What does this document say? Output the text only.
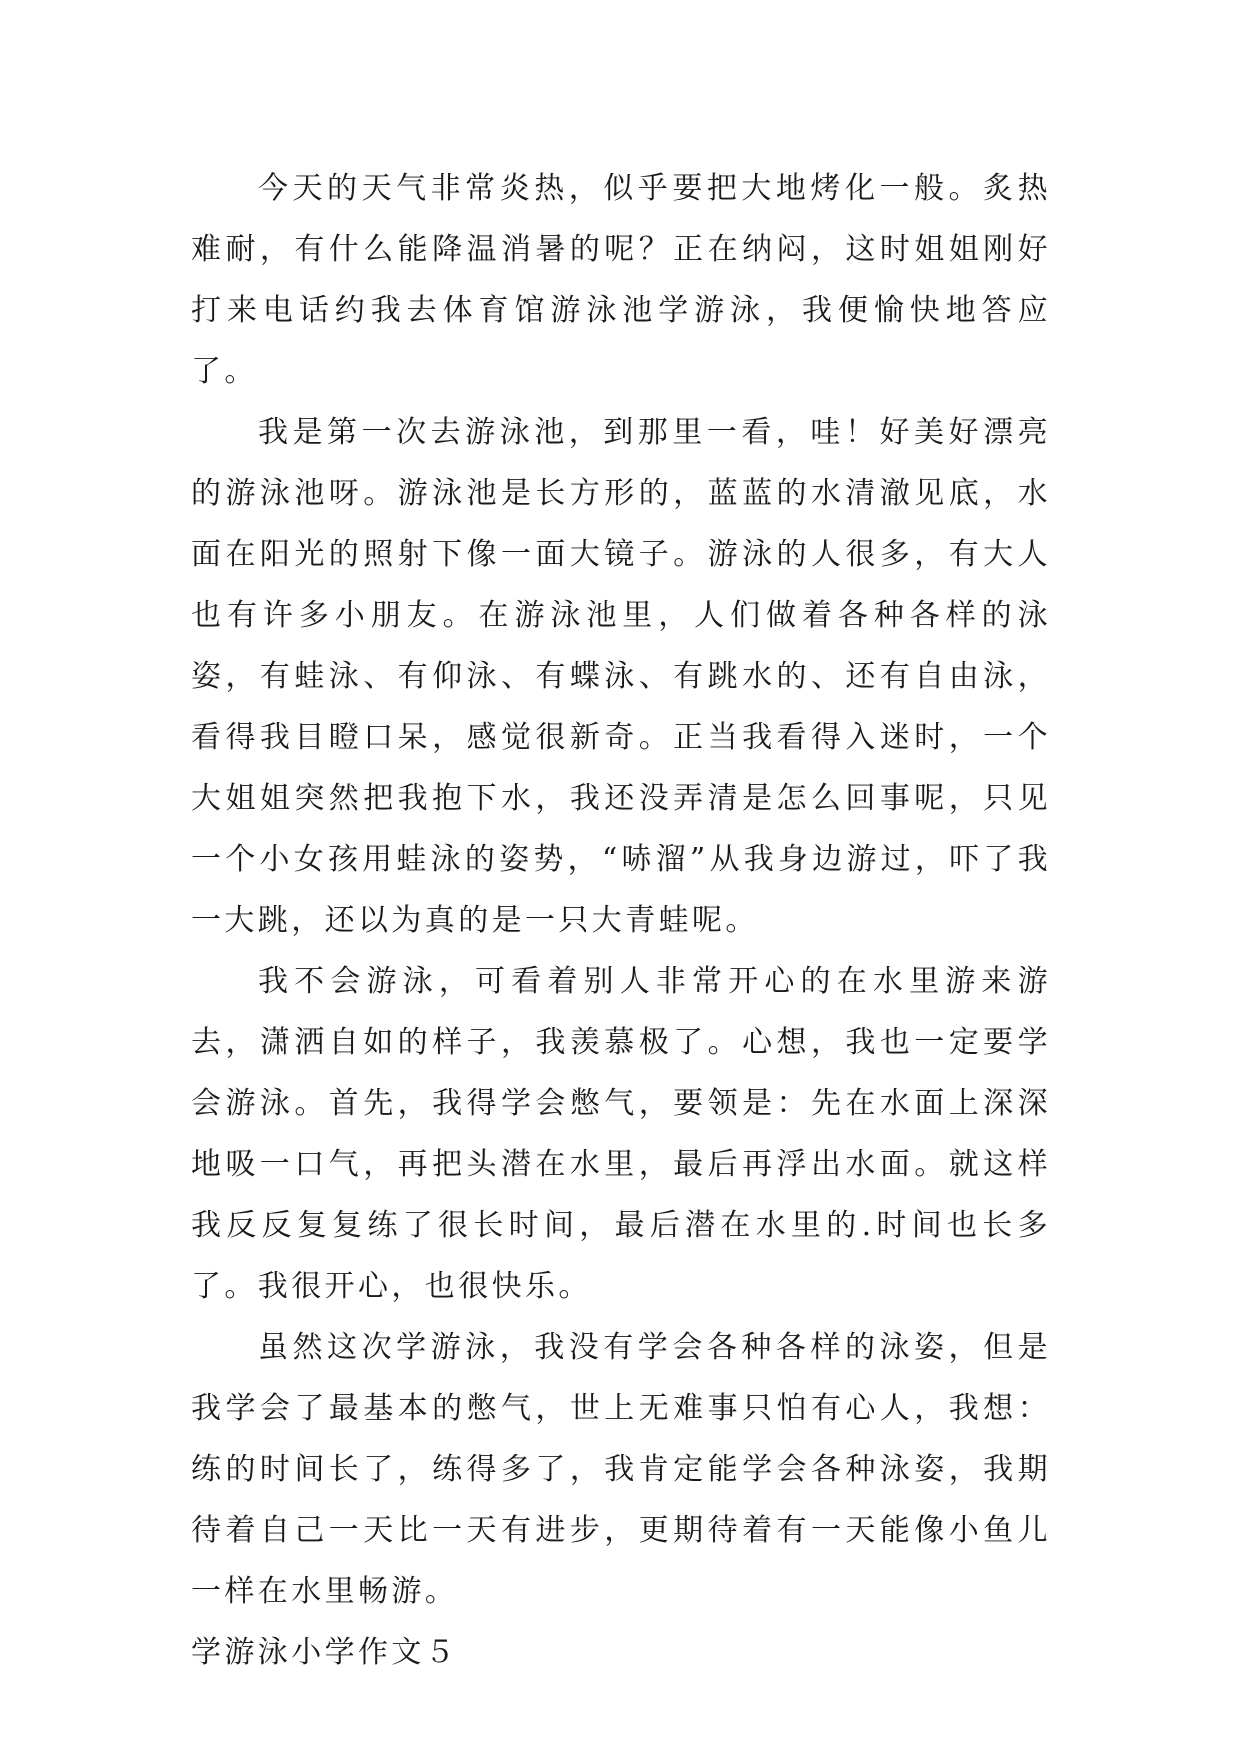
今天的天气非常炎热，似乎要把大地烤化一般。炙热难耐，有什么能降温消暑的呢？正在纳闷，这时姐姐刚好打来电话约我去体育馆游泳池学游泳，我便愉快地答应了。

我是第一次去游泳池，到那里一看，哇！好美好漂亮的游泳池呀。游泳池是长方形的，蓝蓝的水清澈见底，水面在阳光的照射下像一面大镜子。游泳的人很多，有大人也有许多小朋友。在游泳池里，人们做着各种各样的泳姿，有蛙泳、有仰泳、有蝶泳、有跳水的、还有自由泳，看得我目瞪口呆，感觉很新奇。正当我看得入迷时，一个大姐姐突然把我抱下水，我还没弄清是怎么回事呢，只见一个小女孩用蛙泳的姿势，“哧溜”从我身边游过，吓了我一大跳，还以为真的是一只大青蛙呢。

我不会游泳，可看着别人非常开心的在水里游来游去，潇洒自如的样子，我羡慕极了。心想，我也一定要学会游泳。首先，我得学会憋气，要领是：先在水面上深深地吸一口气，再把头潜在水里，最后再浮出水面。就这样我反反复复练了很长时间，最后潜在水里的.时间也长多了。我很开心，也很快乐。

虽然这次学游泳，我没有学会各种各样的泳姿，但是我学会了最基本的憋气，世上无难事只怕有心人，我想：练的时间长了，练得多了，我肯定能学会各种泳姿，我期待着自己一天比一天有进步，更期待着有一天能像小鱼儿一样在水里畅游。

学游泳小学作文５
